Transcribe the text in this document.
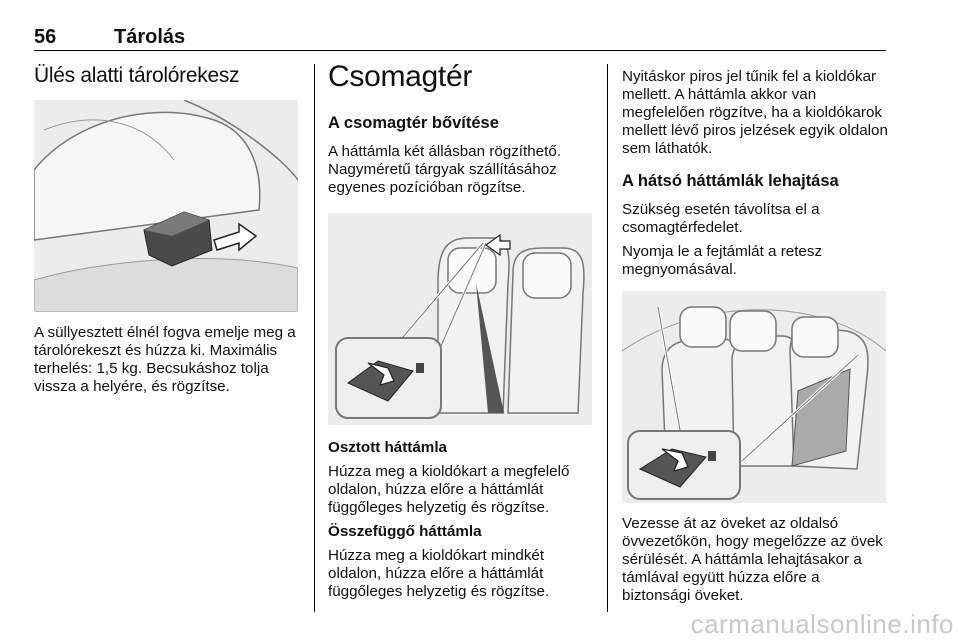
56	Tárolás
Ülés alatti tárolórekesz

A süllyesztett élnél fogva emelje meg a tárolórekeszt és húzza ki. Maximális terhelés: 1,5 kg. Becsukáshoz tolja vissza a helyére, és rögzítse.

Csomagtér
A csomagtér bővítése

A háttámla két állásban rögzíthető. Nagyméretű tárgyak szállításához egyenes pozícióban rögzítse.

Osztott háttámla

Húzza meg a kioldókart a megfelelő oldalon, húzza előre a háttámlát függőleges helyzetig és rögzítse.

Összefüggő háttámla

Húzza meg a kioldókart mindkét oldalon, húzza előre a háttámlát függőleges helyzetig és rögzítse.

Nyitáskor piros jel tűnik fel a kioldókar mellett. A háttámla akkor van megfelelően rögzítve, ha a kioldókarok mellett lévő piros jelzések egyik oldalon sem láthatók.

A hátsó háttámlák lehajtása

Szükség esetén távolítsa el a csomagtérfedelet.

Nyomja le a fejtámlát a retesz megnyomásával.

Vezesse át az öveket az oldalsó övvezetőkön, hogy megelőzze az övek sérülését. A háttámla lehajtásakor a támlával együtt húzza előre a biztonsági öveket.

carmanualsonline.info
